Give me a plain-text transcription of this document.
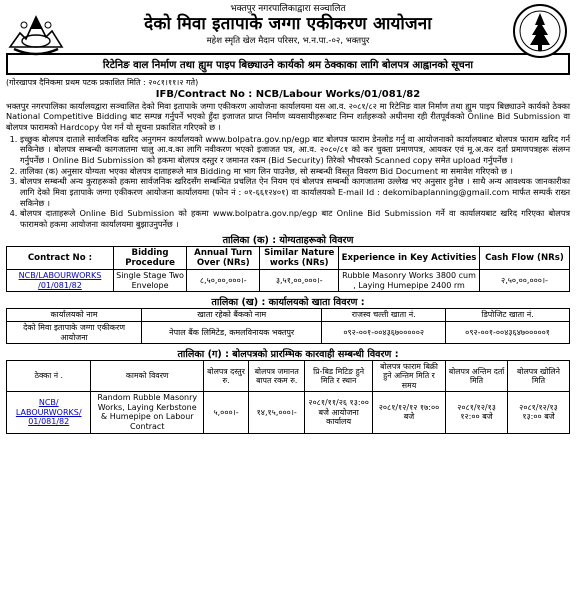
भक्तपुर नगरपालिकाद्वारा सञ्चालित
देको मिवा इतापाके जग्गा एकीकरण आयोजना
महेश स्मृति खेल मैदान परिसर, भ.न.पा.-०२, भक्तपुर
रिटेनिङ वाल निर्माण तथा ह्युम पाइप बिछ्याउने कार्यको श्रम ठेक्काका लागि बोलपत्र आह्वानको सूचना
(गोरखापत्र दैनिकमा प्रथम पटक प्रकाशित मिति : २०८१।११।२ गते)
IFB/Contract No : NCB/Labour Works/01/081/82
भक्तपुर नगरपालिका कार्यालयद्वारा सञ्चालित देको मिवा इतापाके जग्गा एकीकरण आयोजना कार्यालयमा यस आ.व. २०८१/८२ मा रिटेनिङ वाल निर्माण तथा ह्युम पाइप बिछ्याउने कार्यको ठेक्का National Competitive Bidding बाट सम्पन्न गर्नुपर्ने भएको हुँदा इजाजत प्राप्त निर्माण व्यवसायीहरूबाट निम्न शर्तहरूको अधीनमा रही रीतपूर्वकको Online Bid Submission वा बोलपत्र फारामको Hardcopy पेश गर्न यो सूचना प्रकाशित गरिएको छ ।
1. इच्छुक बोलपत्र दाताले सार्वजनिक खरिद अनुगमन कार्यालयको www.bolpatra.gov.np/egp बाट बोलपत्र फाराम डेनलोड गर्नु वा आयोजनाको कार्यालयबाट बोलपत्र फाराम खरिद गर्न सकिनेछ । बोलपत्र सम्बन्धी कागजातमा चालु आ.व.का लागि नवीकरण भएको इजाजत पत्र, आ.व. २०८०/८१ को कर चुक्ता प्रमाणपत्र, आयकर एवं मू.अ.कर दर्ता प्रमाणपत्रहरू संलग्न गर्नुपर्नेछ । Online Bid Submission को हकमा बोलपत्र दस्तुर र जमानत रकम (Bid Security) तिरेको भौचरको Scanned copy समेत upload गर्नुपर्नेछ ।
2. तालिका (क) अनुसार योग्यता भएका बोलपत्र दाताहरूले मात्र Bidding मा भाग लिन पाउनेछ, सो सम्बन्धी विस्तृत विवरण Bid Document मा समावेश गरिएको छ ।
3. बोलपत्र सम्बन्धी अन्य कुराहरूको हकमा सार्वजनिक खरिदसँग सम्बन्धित प्रचलित ऐन नियम एवं बोलपत्र सम्बन्धी कागजातमा उल्लेख भए अनुसार हुनेछ । साथै अन्य आवश्यक जानकारीका लागि देको मिवा इतापाके जग्गा एकीकरण आयोजना कार्यालयमा (फोन नं : ०१-६६१२४०१) वा कार्यालयको E-mail Id : dekomibaplanning@gmail.com मार्फत सम्पर्क राख्न सकिनेछ ।
4. बोलपत्र दाताहरूले Online Bid Submission को हकमा www.bolpatra.gov.np/egp बाट Online Bid Submission गर्ने वा कार्यालयबाट खरिद गरिएका बोलपत्र फारामको हकमा आयोजना कार्यालयमा बुझाउनुपर्नेछ ।
तालिका (क) : योग्यताहरूको विवरण
Contract No :	Bidding Procedure	Annual Turn Over (NRs)	Similar Nature works (NRs)	Experience in Key Activities	Cash Flow (NRs)
NCB/LABOURWORKS /01/081/82	Single Stage Two Envelope	८,५०,००,०००।-	३,५१,००,०००।-	Rubble Masonry Works 3800 cum , Laying Humepipe 2400 rm	२,५०,००,०००।-
तालिका (ख) : कार्यालयको खाता विवरण :
कार्यालयको नाम	खाता रहेको बैंकको नाम	राजस्व चल्ती खाता नं.	डिपोजिट खाता नं.
देको मिवा इतापाके जग्गा एकीकरण आयोजना	नेपाल बैंक लिमिटेड, कमलविनायक भक्तपुर	०९२-००१-००४३६७०००००२	०९२-००१-००४३६४७०००००१
तालिका (ग) : बोलपत्रको प्रारम्भिक कारवाही सम्बन्धी विवरण :
ठेक्का नं .	कामको विवरण	बोलपत्र दस्तुर रु.	बोलपत्र जमानत बापत रकम रु.	प्रि-बिड मिटिङ हुने मिति र स्थान	बोलपत्र फाराम बिक्री हुने अन्तिम मिति र समय	बोलपत्र अन्तिम दर्ता मिति	बोलपत्र खोलिने मिति
NCB/ LABOURWORKS/ 01/081/82	Random Rubble Masonry Works, Laying Kerbstone & Humepipe on Labour Contract	५,०००।-	१४,१५,०००।-	२०८१/११/२६ १३:०० बजे आयोजना कार्यालय	२०८१/१२/१२ १७:०० बजे	२०८१/१२/१३ १२:०० बजे	२०८१/१२/१३ १३:०० बजे
